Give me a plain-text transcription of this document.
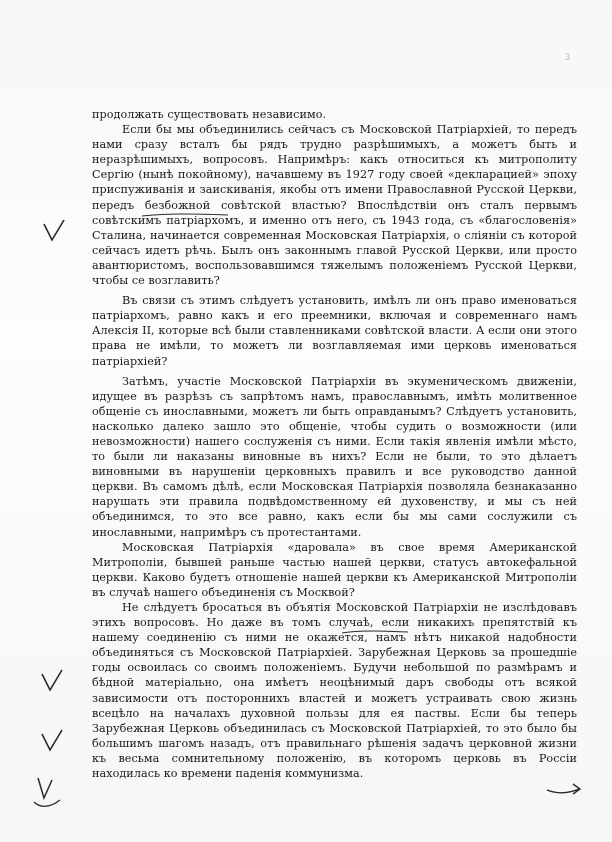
3

продолжать существовать независимо.

Если бы мы объединились сейчасъ съ Московской Патріархіей, то передъ нами сразу всталъ бы рядъ трудно разрѣшимыхъ, а можетъ быть и неразрѣшимыхъ, вопросовъ. Напримѣръ: какъ относиться къ митрополиту Сергію (нынѣ покойному), начавшему въ 1927 году своей «декларацией» эпоху приспуживанія и заискиванія, якобы отъ имени Православной Русской Церкви, передъ безбожной совѣтской властью? Впослѣдствіи онъ сталъ первымъ совѣтскимъ патріархомъ, и именно отъ него, съ 1943 года, съ «благословенія» Сталина, начинается современная Московская Патріархія, о сліяніи съ которой сейчасъ идетъ рѣчь. Былъ онъ законнымъ главой Русской Церкви, или просто авантюристомъ, воспользовавшимся тяжелымъ положеніемъ Русской Церкви, чтобы се возглавить?

Въ связи съ этимъ слѣдуетъ установить, имѣлъ ли онъ право именоваться патріархомъ, равно какъ и его преемники, включая и современнаго намъ Алексія II, которые всѣ были ставленниками совѣтской власти. А если они этого права не имѣли, то можетъ ли возглавляемая ими церковь именоваться патріархіей?

Затѣмъ, участіе Московской Патріархіи въ экуменическомъ движеніи, идущее въ разрѣзъ съ запрѣтомъ намъ, православнымъ, имѣть молитвенное общеніе съ инославными, можетъ ли быть оправданымъ? Слѣдуетъ установить, насколько далеко зашло это общеніе, чтобы судить о возможности (или невозможности) нашего сослуженія съ ними. Если такія явленія имѣли мѣсто, то были ли наказаны виновные въ нихъ? Если не были, то это дѣлаетъ виновными въ нарушеніи церковныхъ правилъ и все руководство данной церкви. Въ самомъ дѣлѣ, если Московская Патріархія позволяла безнаказанно нарушать эти правила подвѣдомственному ей духовенству, и мы съ ней объединимся, то это все равно, какъ если бы мы сами сослужили съ инославными, напримѣръ съ протестантами.

Московская Патріархія «даровала» въ свое время Американской Митрополіи, бывшей раньше частью нашей церкви, статусъ автокефальной церкви. Каково будетъ отношеніе нашей церкви къ Американской Митрополіи въ случаѣ нашего объединенія съ Москвой?

Не слѣдуетъ бросаться въ объятія Московской Патріархіи не изслѣдовавъ этихъ вопросовъ. Но даже въ томъ случаѣ, если никакихъ препятствій къ нашему соединенію съ ними не окажется, намъ нѣтъ никакой надобности объединяться съ Московской Патріархіей. Зарубежная Церковь за прошедшіе годы освоилась со своимъ положеніемъ. Будучи небольшой по размѣрамъ и бѣдной матеріально, она имѣетъ неоцѣнимый даръ свободы отъ всякой зависимости отъ постороннихъ властей и можетъ устраивать свою жизнь всецѣло на началахъ духовной пользы для ея паствы. Если бы теперь Зарубежная Церковь объединилась съ Московской Патріархіей, то это было бы большимъ шагомъ назадъ, отъ правильнаго рѣшенія задачъ церковной жизни къ весьма сомнительному положенію, въ которомъ церковь въ Россіи находилась ко времени паденія коммунизма.
